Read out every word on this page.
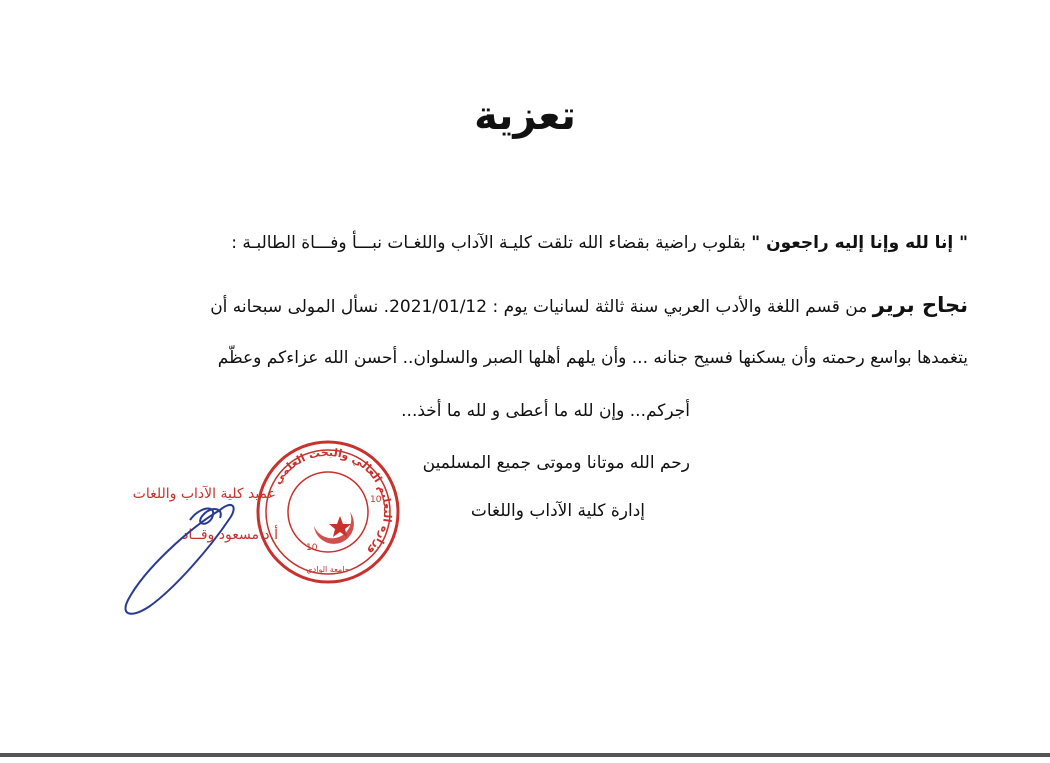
تعزية
" إنا لله وإنا إليه راجعون " بقلوب راضية بقضاء الله تلقت كليـة الآداب واللغـات نبـــأ وفـــاة الطالبـة :
نجاح برير من قسم اللغة والأدب العربي سنة ثالثة لسانيات يوم : 2021/01/12. نسأل المولى سبحانه أن
يتغمدها بواسع رحمته وأن يسكنها فسيح جنانه ... وأن يلهم أهلها الصبر والسلوان.. أحسن الله عزاءكم وعظّم
أجركم... وإن لله ما أعطى و لله ما أخذ...
رحم الله موتانا وموتى جميع المسلمين
إدارة كلية الآداب واللغات
عميد كلية الآداب واللغات
أ.د مسعود وقــاد
وزارة التعليم العالي والبحث العلمي
10
10
جامعة الوادي
